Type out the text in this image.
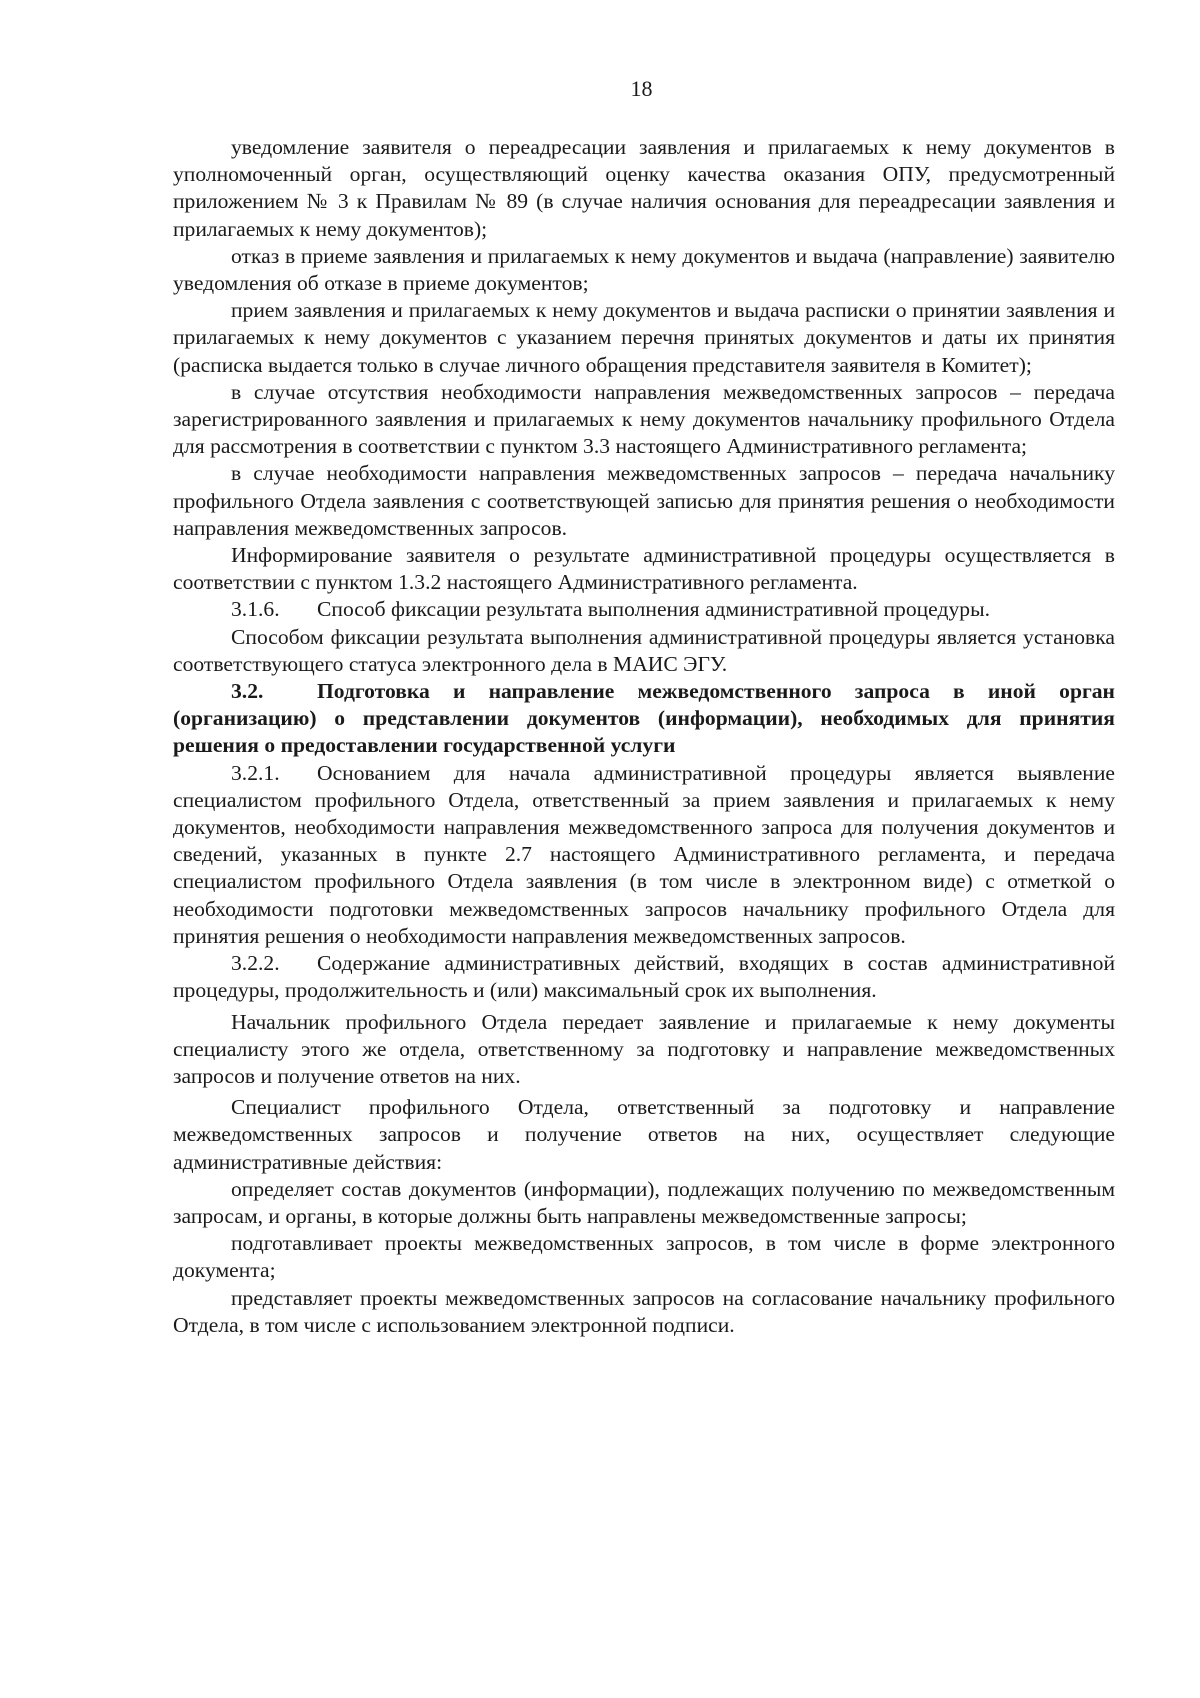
18

уведомление заявителя о переадресации заявления и прилагаемых к нему документов в уполномоченный орган, осуществляющий оценку качества оказания ОПУ, предусмотренный приложением № 3 к Правилам № 89 (в случае наличия основания для переадресации заявления и прилагаемых к нему документов);

отказ в приеме заявления и прилагаемых к нему документов и выдача (направление) заявителю уведомления об отказе в приеме документов;

прием заявления и прилагаемых к нему документов и выдача расписки о принятии заявления и прилагаемых к нему документов с указанием перечня принятых документов и даты их принятия (расписка выдается только в случае личного обращения представителя заявителя в Комитет);

в случае отсутствия необходимости направления межведомственных запросов – передача зарегистрированного заявления и прилагаемых к нему документов начальнику профильного Отдела для рассмотрения в соответствии с пунктом 3.3 настоящего Административного регламента;

в случае необходимости направления межведомственных запросов – передача начальнику профильного Отдела заявления с соответствующей записью для принятия решения о необходимости направления межведомственных запросов.

Информирование заявителя о результате административной процедуры осуществляется в соответствии с пунктом 1.3.2 настоящего Административного регламента.

3.1.6. Способ фиксации результата выполнения административной процедуры.

Способом фиксации результата выполнения административной процедуры является установка соответствующего статуса электронного дела в МАИС ЭГУ.

3.2. Подготовка и направление межведомственного запроса в иной орган (организацию) о представлении документов (информации), необходимых для принятия решения о предоставлении государственной услуги

3.2.1. Основанием для начала административной процедуры является выявление специалистом профильного Отдела, ответственный за прием заявления и прилагаемых к нему документов, необходимости направления межведомственного запроса для получения документов и сведений, указанных в пункте 2.7 настоящего Административного регламента, и передача специалистом профильного Отдела заявления (в том числе в электронном виде) с отметкой о необходимости подготовки межведомственных запросов начальнику профильного Отдела для принятия решения о необходимости направления межведомственных запросов.

3.2.2. Содержание административных действий, входящих в состав административной процедуры, продолжительность и (или) максимальный срок их выполнения.

Начальник профильного Отдела передает заявление и прилагаемые к нему документы специалисту этого же отдела, ответственному за подготовку и направление межведомственных запросов и получение ответов на них.

Специалист профильного Отдела, ответственный за подготовку и направление межведомственных запросов и получение ответов на них, осуществляет следующие административные действия:

определяет состав документов (информации), подлежащих получению по межведомственным запросам, и органы, в которые должны быть направлены межведомственные запросы;

подготавливает проекты межведомственных запросов, в том числе в форме электронного документа;

представляет проекты межведомственных запросов на согласование начальнику профильного Отдела, в том числе с использованием электронной подписи.
